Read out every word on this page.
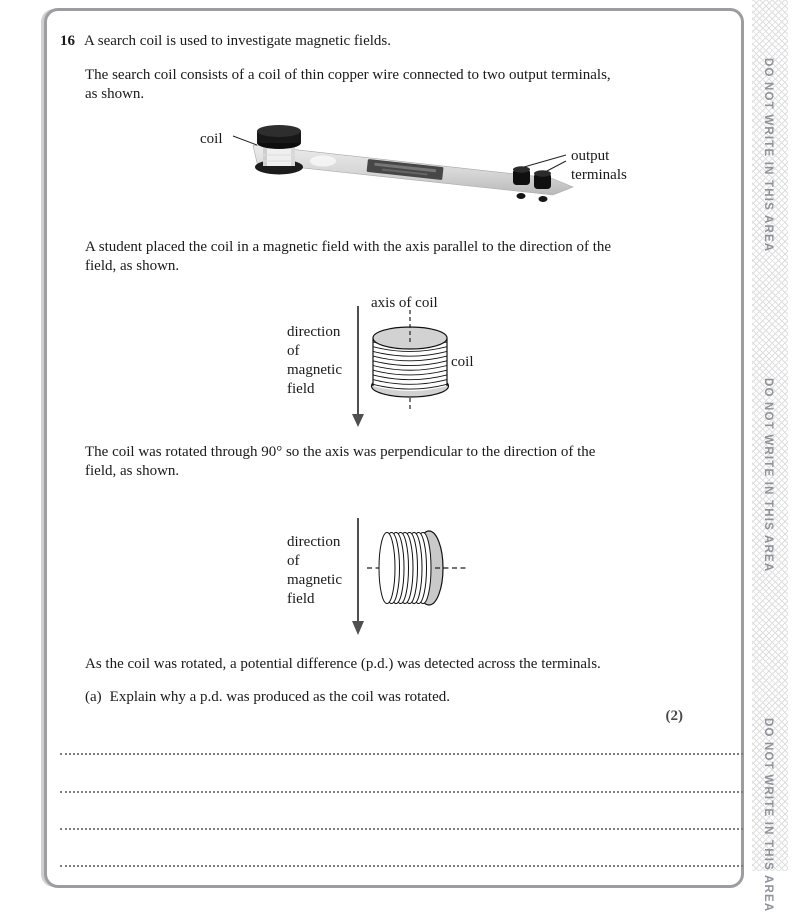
DO NOT WRITE IN THIS AREA
DO NOT WRITE IN THIS AREA
DO NOT WRITE IN THIS AREA
16 A search coil is used to investigate magnetic fields.
The search coil consists of a coil of thin copper wire connected to two output terminals,
as shown.
coil
output terminals
A student placed the coil in a magnetic field with the axis parallel to the direction of the
field, as shown.
axis of coil
coil
direction
of
magnetic
field
The coil was rotated through 90° so the axis was perpendicular to the direction of the
field, as shown.
direction
of
magnetic
field
As the coil was rotated, a potential difference (p.d.) was detected across the terminals.
(a) Explain why a p.d. was produced as the coil was rotated.
(2)
